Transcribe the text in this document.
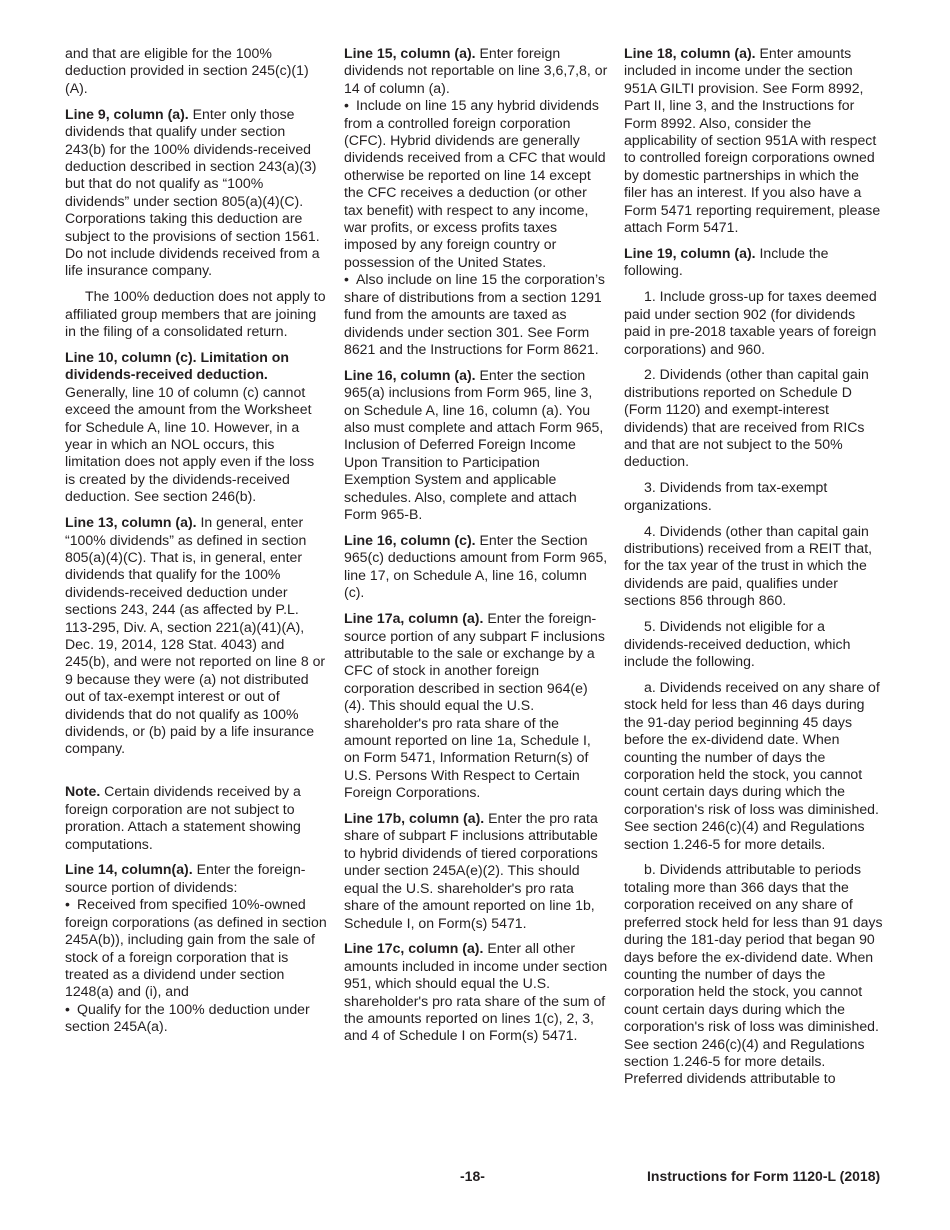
and that are eligible for the 100% deduction provided in section 245(c)(1)(A).

Line 9, column (a). Enter only those dividends that qualify under section 243(b) for the 100% dividends-received deduction described in section 243(a)(3) but that do not qualify as “100% dividends” under section 805(a)(4)(C). Corporations taking this deduction are subject to the provisions of section 1561. Do not include dividends received from a life insurance company.

The 100% deduction does not apply to affiliated group members that are joining in the filing of a consolidated return.

Line 10, column (c). Limitation on dividends-received deduction. Generally, line 10 of column (c) cannot exceed the amount from the Worksheet for Schedule A, line 10. However, in a year in which an NOL occurs, this limitation does not apply even if the loss is created by the dividends-received deduction. See section 246(b).

Line 13, column (a). In general, enter “100% dividends” as defined in section 805(a)(4)(C). That is, in general, enter dividends that qualify for the 100% dividends-received deduction under sections 243, 244 (as affected by P.L. 113-295, Div. A, section 221(a)(41)(A), Dec. 19, 2014, 128 Stat. 4043) and 245(b), and were not reported on line 8 or 9 because they were (a) not distributed out of tax-exempt interest or out of dividends that do not qualify as 100% dividends, or (b) paid by a life insurance company.

Note. Certain dividends received by a foreign corporation are not subject to proration. Attach a statement showing computations.

Line 14, column(a). Enter the foreign-source portion of dividends:

• Received from specified 10%-owned foreign corporations (as defined in section 245A(b)), including gain from the sale of stock of a foreign corporation that is treated as a dividend under section 1248(a) and (i), and

• Qualify for the 100% deduction under section 245A(a).

Line 15, column (a). Enter foreign dividends not reportable on line 3,6,7,8, or 14 of column (a).

• Include on line 15 any hybrid dividends from a controlled foreign corporation (CFC). Hybrid dividends are generally dividends received from a CFC that would otherwise be reported on line 14 except the CFC receives a deduction (or other tax benefit) with respect to any income, war profits, or excess profits taxes imposed by any foreign country or possession of the United States.

• Also include on line 15 the corporation’s share of distributions from a section 1291 fund from the amounts are taxed as dividends under section 301. See Form 8621 and the Instructions for Form 8621.

Line 16, column (a). Enter the section 965(a) inclusions from Form 965, line 3, on Schedule A, line 16, column (a). You also must complete and attach Form 965, Inclusion of Deferred Foreign Income Upon Transition to Participation Exemption System and applicable schedules. Also, complete and attach Form 965-B.

Line 16, column (c). Enter the Section 965(c) deductions amount from Form 965, line 17, on Schedule A, line 16, column (c).

Line 17a, column (a). Enter the foreign-source portion of any subpart F inclusions attributable to the sale or exchange by a CFC of stock in another foreign corporation described in section 964(e)(4). This should equal the U.S. shareholder's pro rata share of the amount reported on line 1a, Schedule I, on Form 5471, Information Return(s) of U.S. Persons With Respect to Certain Foreign Corporations.

Line 17b, column (a). Enter the pro rata share of subpart F inclusions attributable to hybrid dividends of tiered corporations under section 245A(e)(2). This should equal the U.S. shareholder's pro rata share of the amount reported on line 1b, Schedule I, on Form(s) 5471.

Line 17c, column (a). Enter all other amounts included in income under section 951, which should equal the U.S. shareholder's pro rata share of the sum of the amounts reported on lines 1(c), 2, 3, and 4 of Schedule I on Form(s) 5471.

Line 18, column (a). Enter amounts included in income under the section 951A GILTI provision. See Form 8992, Part II, line 3, and the Instructions for Form 8992. Also, consider the applicability of section 951A with respect to controlled foreign corporations owned by domestic partnerships in which the filer has an interest. If you also have a Form 5471 reporting requirement, please attach Form 5471.

Line 19, column (a). Include the following.

1. Include gross-up for taxes deemed paid under section 902 (for dividends paid in pre-2018 taxable years of foreign corporations) and 960.

2. Dividends (other than capital gain distributions reported on Schedule D (Form 1120) and exempt-interest dividends) that are received from RICs and that are not subject to the 50% deduction.

3. Dividends from tax-exempt organizations.

4. Dividends (other than capital gain distributions) received from a REIT that, for the tax year of the trust in which the dividends are paid, qualifies under sections 856 through 860.

5. Dividends not eligible for a dividends-received deduction, which include the following.

a. Dividends received on any share of stock held for less than 46 days during the 91-day period beginning 45 days before the ex-dividend date. When counting the number of days the corporation held the stock, you cannot count certain days during which the corporation's risk of loss was diminished. See section 246(c)(4) and Regulations section 1.246-5 for more details.

b. Dividends attributable to periods totaling more than 366 days that the corporation received on any share of preferred stock held for less than 91 days during the 181-day period that began 90 days before the ex-dividend date. When counting the number of days the corporation held the stock, you cannot count certain days during which the corporation's risk of loss was diminished. See section 246(c)(4) and Regulations section 1.246-5 for more details. Preferred dividends attributable to

-18-	Instructions for Form 1120-L (2018)
